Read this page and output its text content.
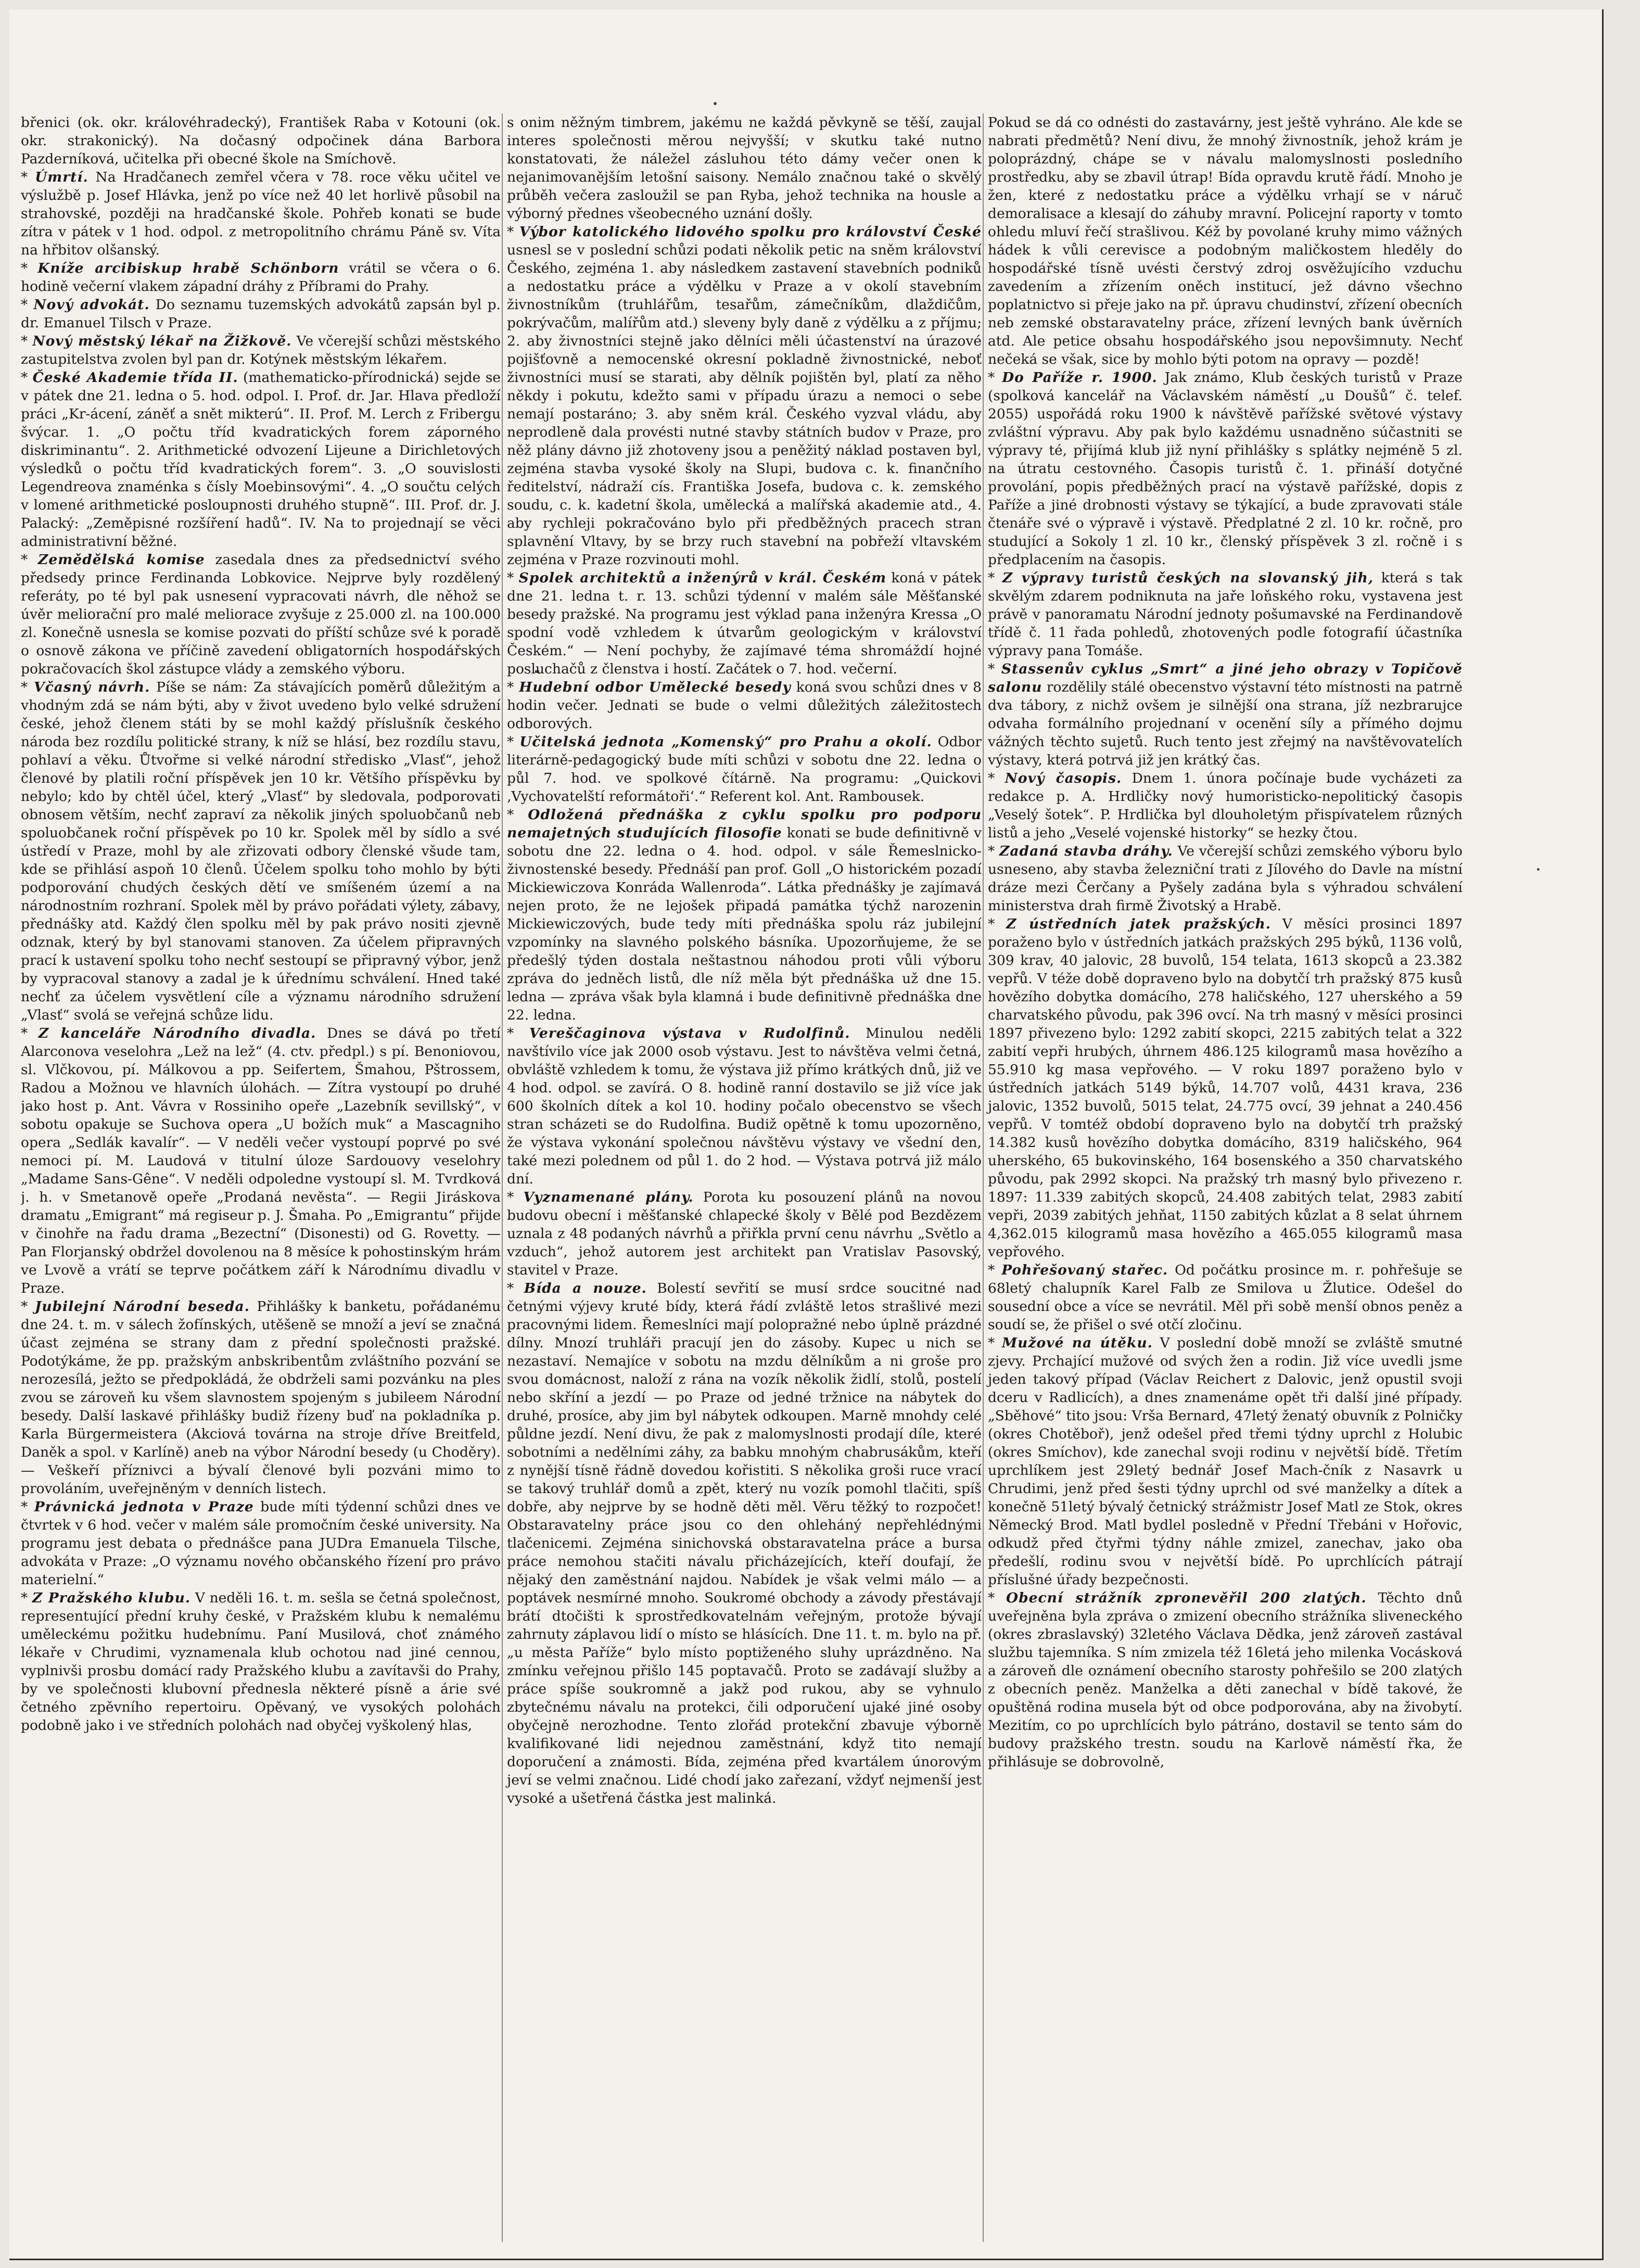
břenici (ok. okr. královéhradecký), František Raba v Kotouni (ok. okr. strakonický). Na dočasný odpočinek dána Barbora Pazderníková, učitelka při obecné škole na Smíchově.

* Úmrtí. Na Hradčanech zemřel včera v 78. roce věku učitel ve výslužbě p. Josef Hlávka, jenž po více než 40 let horlivě působil na strahovské, později na hradčanské škole. Pohřeb konati se bude zítra v pátek v 1 hod. odpol. z metropolitního chrámu Páně sv. Víta na hřbitov olšanský.

* Kníže arcibiskup hrabě Schönborn vrátil se včera o 6. hodině večerní vlakem západní dráhy z Příbrami do Prahy.

* Nový advokát. Do seznamu tuzemských advokátů zapsán byl p. dr. Emanuel Tilsch v Praze.

* Nový městský lékař na Žižkově. Ve včerejší schůzi městského zastupitelstva zvolen byl pan dr. Kotýnek městským lékařem.

* České Akademie třída II. (mathematicko-přírodnická) sejde se v pátek dne 21. ledna o 5. hod. odpol. I. Prof. dr. Jar. Hlava předloží práci „Kr-ácení, záněť a snět mikterú“. II. Prof. M. Lerch z Fribergu švýcar. 1. „O počtu tříd kvadratických forem záporného diskriminantu“. 2. Arithmetické odvození Lijeune a Dirichletových výsledků o počtu tříd kvadratických forem“. 3. „O souvislosti Legendreova znaménka s čísly Moebinsovými“. 4. „O součtu celých v lomené arithmetické posloupnosti druhého stupně“. III. Prof. dr. J. Palacký: „Zeměpisné rozšíření hadů“. IV. Na to projednají se věci administrativní běžné.

* Zemědělská komise zasedala dnes za předsednictví svého předsedy prince Ferdinanda Lobkovice. Nejprve byly rozdělený referáty, po té byl pak usnesení vypracovati návrh, dle něhož se úvěr meliorační pro malé meliorace zvyšuje z 25.000 zl. na 100.000 zl. Konečně usnesla se komise pozvati do příští schůze své k poradě o osnově zákona ve příčině zavedení obligatorních hospodářských pokračovacích škol zástupce vlády a zemského výboru.

* Včasný návrh. Píše se nám: Za stávajících poměrů důležitým a vhodným zdá se nám býti, aby v život uvedeno bylo velké sdružení české, jehož členem státi by se mohl každý příslušník českého národa bez rozdílu politické strany, k níž se hlásí, bez rozdílu stavu, pohlaví a věku. Ůtvořme si velké národní středisko „Vlasť“, jehož členové by platili roční příspěvek jen 10 kr. Většího příspěvku by nebylo; kdo by chtěl účel, který „Vlasť“ by sledovala, podporovati obnosem větším, nechť zapraví za několik jiných spoluobčanů neb spoluobčanek roční příspěvek po 10 kr. Spolek měl by sídlo a své ústředí v Praze, mohl by ale zřizovati odbory členské všude tam, kde se přihlásí aspoň 10 členů. Účelem spolku toho mohlo by býti podporování chudých českých dětí ve smíšeném území a na národnostním rozhraní. Spolek měl by právo pořádati výlety, zábavy, přednášky atd. Každý člen spolku měl by pak právo nositi zjevně odznak, který by byl stanovami stanoven. Za účelem připravných prací k ustavení spolku toho nechť sestoupí se připravný výbor, jenž by vypracoval stanovy a zadal je k úřednímu schválení. Hned také nechť za účelem vysvětlení cíle a významu národního sdružení „Vlasť“ svolá se veřejná schůze lidu.

* Z kanceláře Národního divadla. Dnes se dává po třetí Alarconova veselohra „Lež na lež“ (4. ctv. předpl.) s pí. Benoniovou, sl. Vlčkovou, pí. Málkovou a pp. Seifertem, Šmahou, Pštrossem, Radou a Možnou ve hlavních úlohách. — Zítra vystoupí po druhé jako host p. Ant. Vávra v Rossiniho opeře „Lazebník sevillský“, v sobotu opakuje se Suchova opera „U božích muk“ a Mascagniho opera „Sedlák kavalír“. — V neděli večer vystoupí poprvé po své nemoci pí. M. Laudová v titulní úloze Sardouovy veselohry „Madame Sans-Gêne“. V neděli odpoledne vystoupí sl. M. Tvrdková j. h. v Smetanově opeře „Prodaná nevěsta“. — Regii Jiráskova dramatu „Emigrant“ má regiseur p. J. Šmaha. Po „Emigrantu“ přijde v činohře na řadu drama „Bezectní“ (Disonesti) od G. Rovetty. — Pan Florjanský obdržel dovolenou na 8 měsíce k pohostinským hrám ve Lvově a vrátí se teprve počátkem září k Národnímu divadlu v Praze.

* Jubilejní Národní beseda. Přihlášky k banketu, pořádanému dne 24. t. m. v sálech žofínských, utěšeně se množí a jeví se značná účast zejména se strany dam z přední společnosti pražské. Podotýkáme, že pp. pražským anbskribentům zvláštního pozvání se nerozesílá, ježto se předpokládá, že obdrželi sami pozvánku na ples zvou se zároveň ku všem slavnostem spojeným s jubileem Národní besedy. Další laskavé přihlášky budiž řízeny buď na pokladníka p. Karla Bürgermeistera (Akciová továrna na stroje dříve Breitfeld, Daněk a spol. v Karlíně) aneb na výbor Národní besedy (u Choděry). — Veškeří příznivci a bývalí členové byli pozváni mimo to provoláním, uveřejněným v denních listech.

* Právnická jednota v Praze bude míti týdenní schůzi dnes ve čtvrtek v 6 hod. večer v malém sále promočním české university. Na programu jest debata o přednášce pana JUDra Emanuela Tilsche, advokáta v Praze: „O významu nového občanského řízení pro právo materielní.“

* Z Pražského klubu. V neděli 16. t. m. sešla se četná společnost, representující přední kruhy české, v Pražském klubu k nemalému uměleckému požitku hudebnímu. Paní Musilová, choť známého lékaře v Chrudimi, vyznamenala klub ochotou nad jiné cennou, vyplnivši prosbu domácí rady Pražského klubu a zavítavši do Prahy, by ve společnosti klubovní přednesla některé písně a árie své četného zpěvního repertoiru. Opěvaný, ve vysokých polohách podobně jako i ve středních polohách nad obyčej vyškolený hlas,

s onim něžným timbrem, jakému ne každá pěvkyně se těší, zaujal interes společnosti měrou nejvyšší; v skutku také nutno konstatovati, že náležel zásluhou této dámy večer onen k nejanimovanějším letošní saisony. Nemálo značnou také o skvělý průběh večera zasloužil se pan Ryba, jehož technika na housle a výborný přednes všeobecného uznání došly.

* Výbor katolického lidového spolku pro království České usnesl se v poslední schůzi podati několik petic na sněm království Českého, zejména 1. aby následkem zastavení stavebních podniků a nedostatku práce a výdělku v Praze a v okolí stavebním živnostníkům (truhlářům, tesařům, zámečníkům, dlaždičům, pokrývačům, malířům atd.) sleveny byly daně z výdělku a z příjmu; 2. aby živnostníci stejně jako dělníci měli účastenství na úrazové pojišťovně a nemocenské okresní pokladně živnostnické, neboť živnostníci musí se starati, aby dělník pojištěn byl, platí za něho někdy i pokutu, kdežto sami v případu úrazu a nemoci o sebe nemají postaráno; 3. aby sněm král. Českého vyzval vládu, aby neprodleně dala provésti nutné stavby státních budov v Praze, pro něž plány dávno již zhotoveny jsou a peněžitý náklad postaven byl, zejména stavba vysoké školy na Slupi, budova c. k. finančního ředitelství, nádraží cís. Františka Josefa, budova c. k. zemského soudu, c. k. kadetní škola, umělecká a malířská akademie atd., 4. aby rychleji pokračováno bylo při předběžných pracech stran splavnění Vltavy, by se brzy ruch stavební na pobřeží vltavském zejména v Praze rozvinouti mohl.

* Spolek architektů a inženýrů v král. Českém koná v pátek dne 21. ledna t. r. 13. schůzi týdenní v malém sále Měšťanské besedy pražské. Na programu jest výklad pana inženýra Kressa „O spodní vodě vzhledem k útvarům geologickým v království Českém.“ — Není pochyby, že zajímavé téma shromáždí hojné posluchačů z členstva i hostí. Začátek o 7. hod. večerní.

* Hudební odbor Umělecké besedy koná svou schůzi dnes v 8 hodin večer. Jednati se bude o velmi důležitých záležitostech odborových.

* Učitelská jednota „Komenský“ pro Prahu a okolí. Odbor literárně-pedagogický bude míti schůzi v sobotu dne 22. ledna o půl 7. hod. ve spolkové čítárně. Na programu: „Quickovi ‚Vychovatelští reformátoři‘.“ Referent kol. Ant. Rambousek.

* Odložená přednáška z cyklu spolku pro podporu nemajetných studujících filosofie konati se bude definitivně v sobotu dne 22. ledna o 4. hod. odpol. v sále Řemeslnicko-živnostenské besedy. Přednáší pan prof. Goll „O historickém pozadí Mickiewiczova Konráda Wallenroda“. Látka přednášky je zajímavá nejen proto, že ne lejošek připadá památka týchž narozenin Mickiewiczových, bude tedy míti přednáška spolu ráz jubilejní vzpomínky na slavného polského básníka. Upozorňujeme, že se předešlý týden dostala neštastnou náhodou proti vůli výboru zpráva do jedněch listů, dle níž měla být přednáška už dne 15. ledna — zpráva však byla klamná i bude definitivně přednáška dne 22. ledna.

* Vereščaginova výstava v Rudolfinů. Minulou neděli navštívilo více jak 2000 osob výstavu. Jest to návštěva velmi četná, obvláště vzhledem k tomu, že výstava již přímo krátkých dnů, již ve 4 hod. odpol. se zavírá. O 8. hodině ranní dostavilo se již více jak 600 školních dítek a kol 10. hodiny počalo obecenstvo se všech stran scházeti se do Rudolfina. Budiž opětně k tomu upozorněno, že výstava vykonání společnou návštěvu výstavy ve všední den, také mezi polednem od půl 1. do 2 hod. — Výstava potrvá již málo dní.

* Vyznamenané plány. Porota ku posouzení plánů na novou budovu obecní i měšťanské chlapecké školy v Bělé pod Bezdězem uznala z 48 podaných návrhů a přiřkla první cenu návrhu „Světlo a vzduch“, jehož autorem jest architekt pan Vratislav Pasovský, stavitel v Praze.

* Bída a nouze. Bolestí sevřití se musí srdce soucitné nad četnými výjevy kruté bídy, která řádí zvláště letos strašlivé mezi pracovnými lidem. Řemeslníci mají polopražné nebo úplně prázdné dílny. Mnozí truhláři pracují jen do zásoby. Kupec u nich se nezastaví. Nemajíce v sobotu na mzdu dělníkům a ni groše pro svou domácnost, naloží z rána na vozík několik židlí, stolů, postelí nebo skříní a jezdí — po Praze od jedné tržnice na nábytek do druhé, prosíce, aby jim byl nábytek odkoupen. Marně mnohdy celé půldne jezdí. Není divu, že pak z malomyslnosti prodají díle, které sobotními a nedělními záhy, za babku mnohým chabrusákům, kteří z nynější tísně řádně dovedou kořistiti. S několika groši ruce vrací se takový truhlář domů a zpět, který nu vozík pomohl tlačiti, spíš dobře, aby nejprve by se hodně děti měl. Věru těžký to rozpočet! Obstaravatelny práce jsou co den ohleháný nepřehlédnými tlačenicemi. Zejména sinichovská obstaravatelna práce a bursa práce nemohou stačiti návalu přicházejících, kteří doufají, že nějaký den zaměstnání najdou. Nabídek je však velmi málo — a poptávek nesmírné mnoho. Soukromé obchody a závody přestávají brátí dtočišti k sprostředkovatelnám veřejným, protože bývají zahrnuty záplavou lidí o místo se hlásících. Dne 11. t. m. bylo na př. „u města Paříže“ bylo místo poptiženého sluhy uprázdněno. Na zmínku veřejnou přišlo 145 poptavačů. Proto se zadávají služby a práce spíše soukromně a jakž pod rukou, aby se vyhnulo zbytečnému návalu na protekci, čili odporučení ujaké jiné osoby obyčejně nerozhodne. Tento zlořád protekční zbavuje výborně kvalifikované lidi nejednou zaměstnání, když tito nemají doporučení a známosti. Bída, zejména před kvartálem únorovým jeví se velmi značnou. Lidé chodí jako zařezaní, vždyť nejmenší jest vysoké a ušetřená částka jest malinká.

Pokud se dá co odnésti do zastavárny, jest ještě vyhráno. Ale kde se nabrati předmětů? Není divu, že mnohý živnostník, jehož krám je poloprázdný, chápe se v návalu malomyslnosti posledního prostředku, aby se zbavil útrap! Bída opravdu krutě řádí. Mnoho je žen, které z nedostatku práce a výdělku vrhají se v náruč demoralisace a klesají do záhuby mravní. Policejní raporty v tomto ohledu mluví řečí strašlivou. Kéž by povolané kruhy mimo vážných hádek k vůli cerevisce a podobným maličkostem hleděly do hospodářské tísně uvésti čerstvý zdroj osvěžujícího vzduchu zavedením a zřízením oněch institucí, jež dávno všechno poplatnictvo si přeje jako na př. úpravu chudinství, zřízení obecních neb zemské obstaravatelny práce, zřízení levných bank úvěrních atd. Ale petice obsahu hospodářského jsou nepovšimnuty. Nechť nečeká se však, sice by mohlo býti potom na opravy — pozdě!

* Do Paříže r. 1900. Jak známo, Klub českých turistů v Praze (spolková kancelář na Václavském náměstí „u Doušů“ č. telef. 2055) uspořádá roku 1900 k návštěvě pařížské světové výstavy zvláštní výpravu. Aby pak bylo každému usnadněno súčastniti se výpravy té, přijímá klub již nyní přihlášky s splátky nejméně 5 zl. na útratu cestovného. Časopis turistů č. 1. přináší dotyčné provolání, popis předběžných prací na výstavě pařížské, dopis z Paříže a jiné drobnosti výstavy se týkající, a bude zpravovati stále čtenáře své o výpravě i výstavě. Předplatné 2 zl. 10 kr. ročně, pro studující a Sokoly 1 zl. 10 kr., členský příspěvek 3 zl. ročně i s předplacením na časopis.

* Z výpravy turistů českých na slovanský jih, která s tak skvělým zdarem podniknuta na jaře loňského roku, vystavena jest právě v panoramatu Národní jednoty pošumavské na Ferdinandově třídě č. 11 řada pohledů, zhotovených podle fotografií účastníka výpravy pana Tomáše.

* Stassenův cyklus „Smrt“ a jiné jeho obrazy v Topičově salonu rozdělily stálé obecenstvo výstavní této místnosti na patrně dva tábory, z nichž ovšem je silnější ona strana, jíž nezbrarujce odvaha formálního projednaní v ocenění síly a přímého dojmu vážných těchto sujetů. Ruch tento jest zřejmý na navštěvovatelích výstavy, která potrvá již jen krátký čas.

* Nový časopis. Dnem 1. února počínaje bude vycházeti za redakce p. A. Hrdličky nový humoristicko-nepolitický časopis „Veselý šotek“. P. Hrdlička byl dlouholetým přispívatelem různých listů a jeho „Veselé vojenské historky“ se hezky čtou.

* Zadaná stavba dráhy. Ve včerejší schůzi zemského výboru bylo usneseno, aby stavba železniční trati z Jílového do Davle na místní dráze mezi Čerčany a Pyšely zadána byla s výhradou schválení ministerstva drah firmě Životský a Hrabě.

* Z ústředních jatek pražských. V měsíci prosinci 1897 poraženo bylo v ústředních jatkách pražských 295 býků, 1136 volů, 309 krav, 40 jalovic, 28 buvolů, 154 telata, 1613 skopců a 23.382 vepřů. V téže době dopraveno bylo na dobytčí trh pražský 875 kusů hovězího dobytka domácího, 278 haličského, 127 uherského a 59 charvatského původu, pak 396 ovcí. Na trh masný v měsíci prosinci 1897 přivezeno bylo: 1292 zabití skopci, 2215 zabitých telat a 322 zabití vepři hrubých, úhrnem 486.125 kilogramů masa hovězího a 55.910 kg masa vepřového. — V roku 1897 poraženo bylo v ústředních jatkách 5149 býků, 14.707 volů, 4431 krava, 236 jalovic, 1352 buvolů, 5015 telat, 24.775 ovcí, 39 jehnat a 240.456 vepřů. V tomtéž období dopraveno bylo na dobytčí trh pražský 14.382 kusů hovězího dobytka domácího, 8319 haličského, 964 uherského, 65 bukovinského, 164 bosenského a 350 charvatského původu, pak 2992 skopci. Na pražský trh masný bylo přivezeno r. 1897: 11.339 zabitých skopců, 24.408 zabitých telat, 2983 zabití vepři, 2039 zabitých jehňat, 1150 zabitých kůzlat a 8 selat úhrnem 4,362.015 kilogramů masa hovězího a 465.055 kilogramů masa vepřového.

* Pohřešovaný stařec. Od počátku prosince m. r. pohřešuje se 68letý chalupník Karel Falb ze Smilova u Žlutice. Odešel do sousední obce a více se nevrátil. Měl při sobě menší obnos peněz a soudí se, že přišel o své otčí zločinu.

* Mužové na útěku. V poslední době množí se zvláště smutné zjevy. Prchající mužové od svých žen a rodin. Již více uvedli jsme jeden takový případ (Václav Reichert z Dalovic, jenž opustil svoji dceru v Radlicích), a dnes znamenáme opět tři další jiné případy. „Sběhové“ tito jsou: Vrša Bernard, 47letý ženatý obuvník z Polničky (okres Chotěboř), jenž odešel před třemi týdny uprchl z Holubic (okres Smíchov), kde zanechal svoji rodinu v největší bídě. Třetím uprchlíkem jest 29letý bednář Josef Mach-čník z Nasavrk u Chrudimi, jenž před šesti týdny uprchl od své manželky a dítek a konečně 51letý bývalý četnický strážmistr Josef Matl ze Stok, okres Německý Brod. Matl bydlel posledně v Přední Třebáni v Hořovic, odkudž před čtyřmi týdny náhle zmizel, zanechav, jako oba předešlí, rodinu svou v největší bídě. Po uprchlících pátrají příslušné úřady bezpečnosti.

* Obecní strážník zpronevěřil 200 zlatých. Těchto dnů uveřejněna byla zpráva o zmizení obecního strážníka sliveneckého (okres zbraslavský) 32letého Václava Dědka, jenž zároveň zastával službu tajemníka. S ním zmizela též 16letá jeho milenka Vocásková a zároveň dle oznámení obecního starosty pohřešilo se 200 zlatých z obecních peněz. Manželka a děti zanechal v bídě takové, že opuštěná rodina musela být od obce podporována, aby na živobytí. Mezitím, co po uprchlících bylo pátráno, dostavil se tento sám do budovy pražského trestn. soudu na Karlově náměstí řka, že přihlásuje se dobrovolně,
